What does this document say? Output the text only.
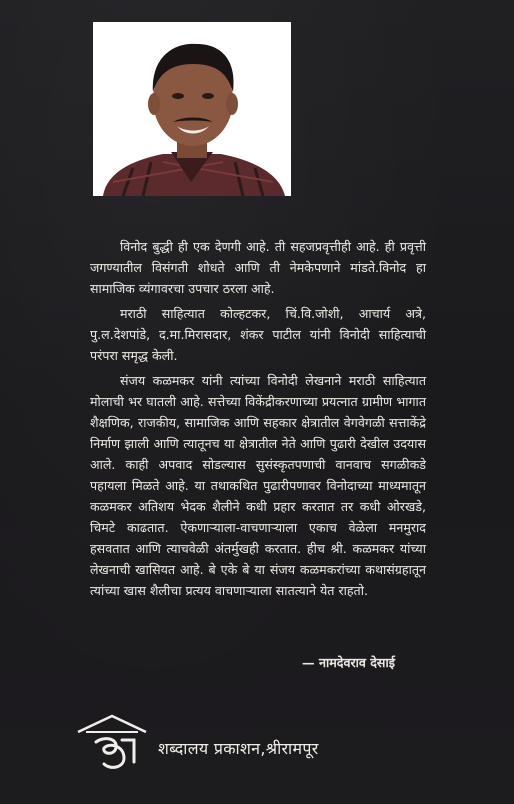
विनोद बुद्धी ही एक देणगी आहे. ती सहजप्रवृत्तीही आहे. ही प्रवृत्ती जगण्यातील विसंगती शोधते आणि ती नेमकेपणाने मांडते.विनोद हा सामाजिक व्यंगावरचा उपचार ठरला आहे.

मराठी साहित्यात कोल्हटकर, चिं.वि.जोशी, आचार्य अत्रे, पु.ल.देशपांडे, द.मा.मिरासदार, शंकर पाटील यांनी विनोदी साहित्याची परंपरा समृद्ध केली.

संजय कळमकर यांनी त्यांच्या विनोदी लेखनाने मराठी साहित्यात मोलाची भर घातली आहे. सत्तेच्या विकेंद्रीकरणाच्या प्रयत्नात ग्रामीण भागात शैक्षणिक, राजकीय, सामाजिक आणि सहकार क्षेत्रातील वेगवेगळी सत्ताकेंद्रे निर्माण झाली आणि त्यातूनच या क्षेत्रातील नेते आणि पुढारी देखील उदयास आले. काही अपवाद सोडल्यास सुसंस्कृतपणाची वानवाच सगळीकडे पहायला मिळते आहे. या तथाकथित पुढारीपणावर विनोदाच्या माध्यमातून कळमकर अतिशय भेदक शैलीने कधी प्रहार करतात तर कधी ओरखडे, चिमटे काढतात. ऐकणाऱ्याला-वाचणाऱ्याला एकाच वेळेला मनमुराद हसवतात आणि त्याचवेळी अंतर्मुखही करतात. हीच श्री. कळमकर यांच्या लेखनाची खासियत आहे. बे एके बे या संजय कळमकरांच्या कथासंग्रहातून त्यांच्या खास शैलीचा प्रत्यय वाचणाऱ्याला सातत्याने येत राहतो.

— नामदेवराव देसाई
शब्दालय प्रकाशन,श्रीरामपूर
